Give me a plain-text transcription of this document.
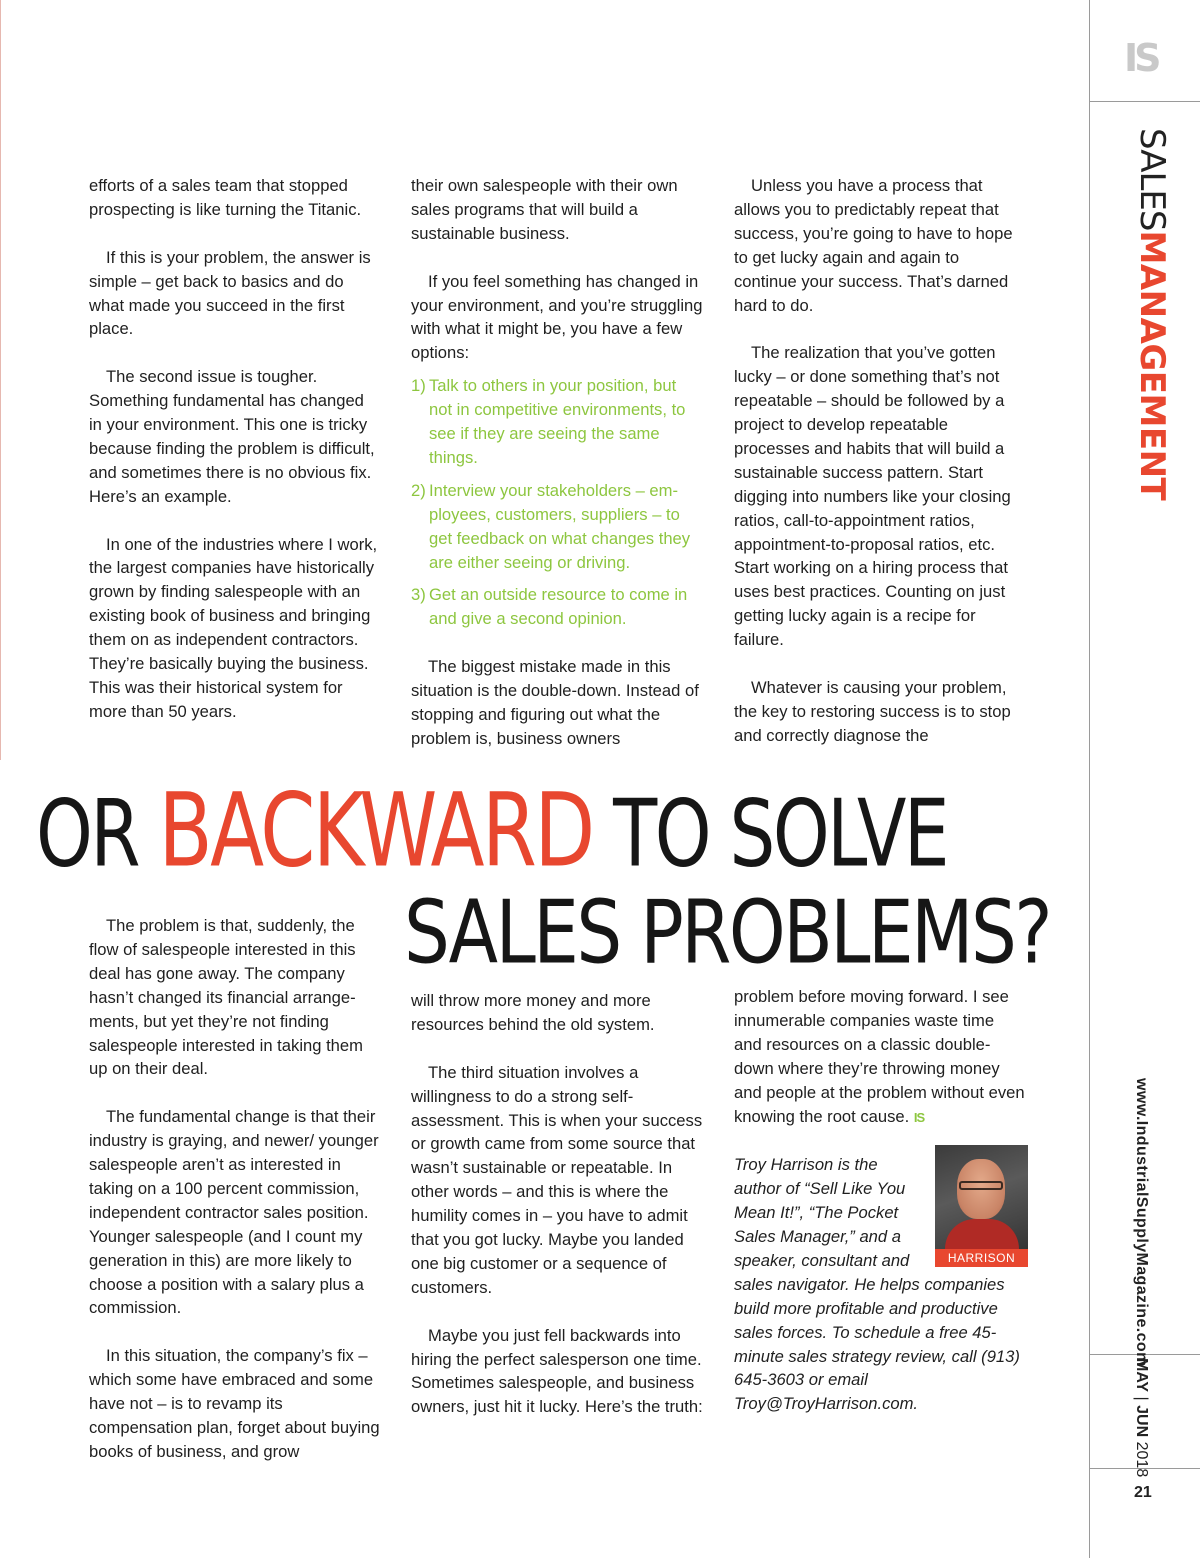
efforts of a sales team that stopped prospecting is like turning the Titanic.

If this is your problem, the answer is simple – get back to basics and do what made you succeed in the first place.

The second issue is tougher. Something fundamental has changed in your environment. This one is tricky because finding the problem is difficult, and sometimes there is no obvious fix. Here’s an example.

In one of the industries where I work, the largest companies have historically grown by finding salespeople with an existing book of business and bringing them on as independent contractors. They’re basically buying the business. This was their historical system for more than 50 years.

their own salespeople with their own sales programs that will build a sustainable business.

If you feel something has changed in your environment, and you’re struggling with what it might be, you have a few options:

1) Talk to others in your position, but not in competitive environments, to see if they are seeing the same things.
2) Interview your stakeholders – employees, customers, suppliers – to get feedback on what changes they are either seeing or driving.
3) Get an outside resource to come in and give a second opinion.

The biggest mistake made in this situation is the double-down. Instead of stopping and figuring out what the problem is, business owners

Unless you have a process that allows you to predictably repeat that success, you’re going to have to hope to get lucky again and again to continue your success. That’s darned hard to do.

The realization that you’ve gotten lucky – or done something that’s not repeatable – should be followed by a project to develop repeatable processes and habits that will build a sustainable success pattern. Start digging into numbers like your closing ratios, call-to-appointment ratios, appointment-to-proposal ratios, etc. Start working on a hiring process that uses best practices. Counting on just getting lucky again is a recipe for failure.

Whatever is causing your problem, the key to restoring success is to stop and correctly diagnose the

OR BACKWARD TO SOLVE
SALES PROBLEMS?

The problem is that, suddenly, the flow of salespeople interested in this deal has gone away. The company hasn’t changed its financial arrangements, but yet they’re not finding salespeople interested in taking them up on their deal.

The fundamental change is that their industry is graying, and newer/ younger salespeople aren’t as interested in taking on a 100 percent commission, independent contractor sales position. Younger salespeople (and I count my generation in this) are more likely to choose a position with a salary plus a commission.

In this situation, the company’s fix – which some have embraced and some have not – is to revamp its compensation plan, forget about buying books of business, and grow

will throw more money and more resources behind the old system.

The third situation involves a willingness to do a strong self-assessment. This is when your success or growth came from some source that wasn’t sustainable or repeatable. In other words – and this is where the humility comes in – you have to admit that you got lucky. Maybe you landed one big customer or a sequence of customers.

Maybe you just fell backwards into hiring the perfect salesperson one time. Sometimes salespeople, and business owners, just hit it lucky. Here’s the truth:

problem before moving forward. I see innumerable companies waste time and resources on a classic double-down where they’re throwing money and people at the problem without even knowing the root cause. IS

HARRISON

Troy Harrison is the author of “Sell Like You Mean It!”, “The Pocket Sales Manager,” and a speaker, consultant and sales navigator. He helps companies build more profitable and productive sales forces. To schedule a free 45-minute sales strategy review, call (913) 645-3603 or email Troy@TroyHarrison.com.

IS
SALESMANAGEMENT
www.IndustrialSupplyMagazine.com
MAY | JUN 2018
21
